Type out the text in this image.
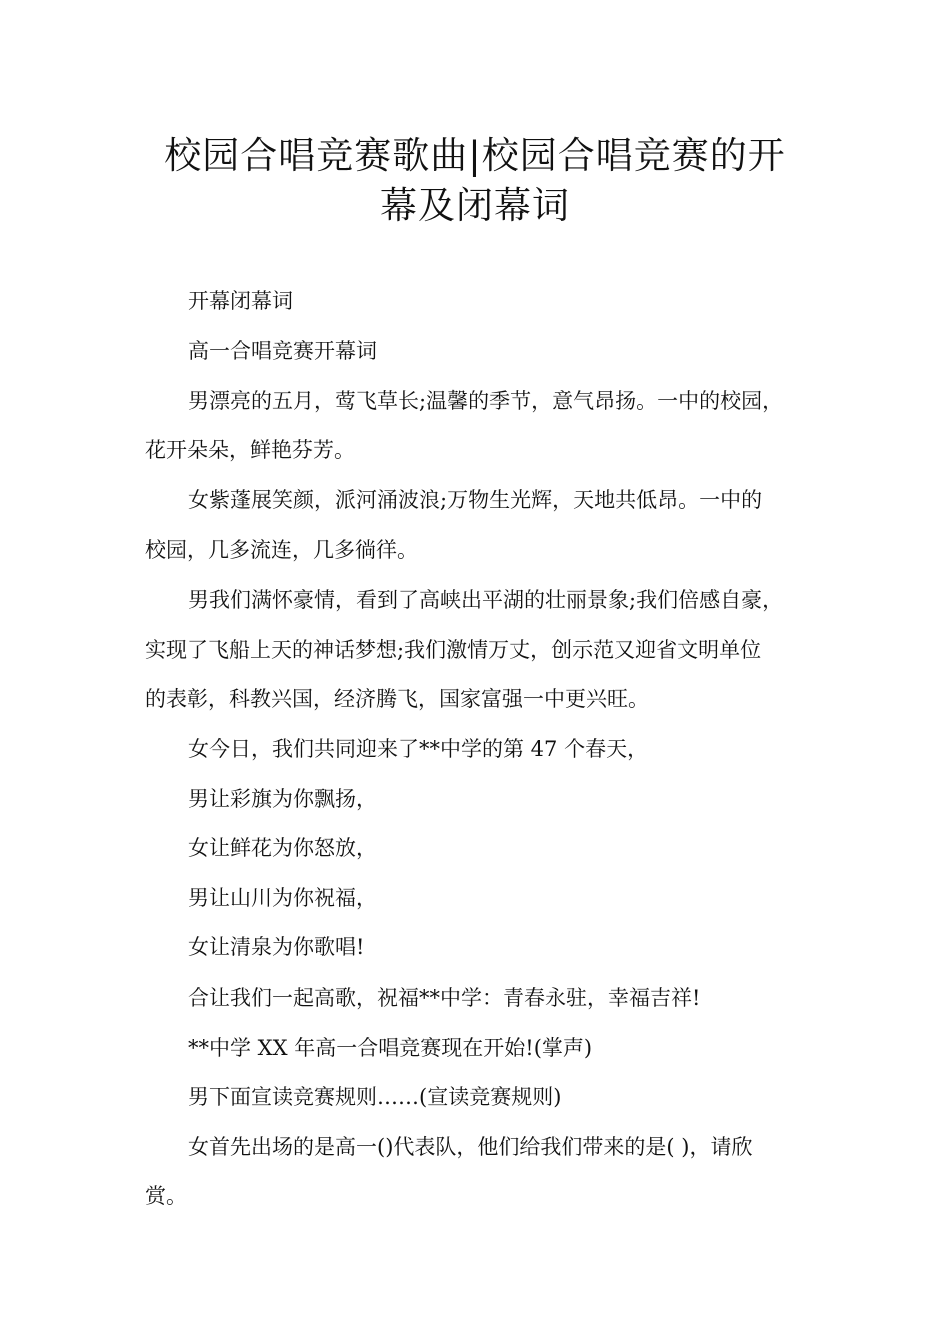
校园合唱竞赛歌曲|校园合唱竞赛的开
幕及闭幕词

开幕闭幕词

高一合唱竞赛开幕词

男漂亮的五月，莺飞草长;温馨的季节，意气昂扬。一中的校园，

花开朵朵，鲜艳芬芳。

女紫蓬展笑颜，派河涌波浪;万物生光辉，天地共低昂。一中的

校园，几多流连，几多徜徉。

男我们满怀豪情，看到了高峡出平湖的壮丽景象;我们倍感自豪，

实现了飞船上天的神话梦想;我们激情万丈，创示范又迎省文明单位

的表彰，科教兴国，经济腾飞，国家富强一中更兴旺。

女今日，我们共同迎来了**中学的第 47 个春天，

男让彩旗为你飘扬，

女让鲜花为你怒放，

男让山川为你祝福，

女让清泉为你歌唱!

合让我们一起高歌，祝福**中学：青春永驻，幸福吉祥!

**中学 XX 年高一合唱竞赛现在开始!(掌声)

男下面宣读竞赛规则……(宣读竞赛规则)

女首先出场的是高一()代表队，他们给我们带来的是( )，请欣

赏。
